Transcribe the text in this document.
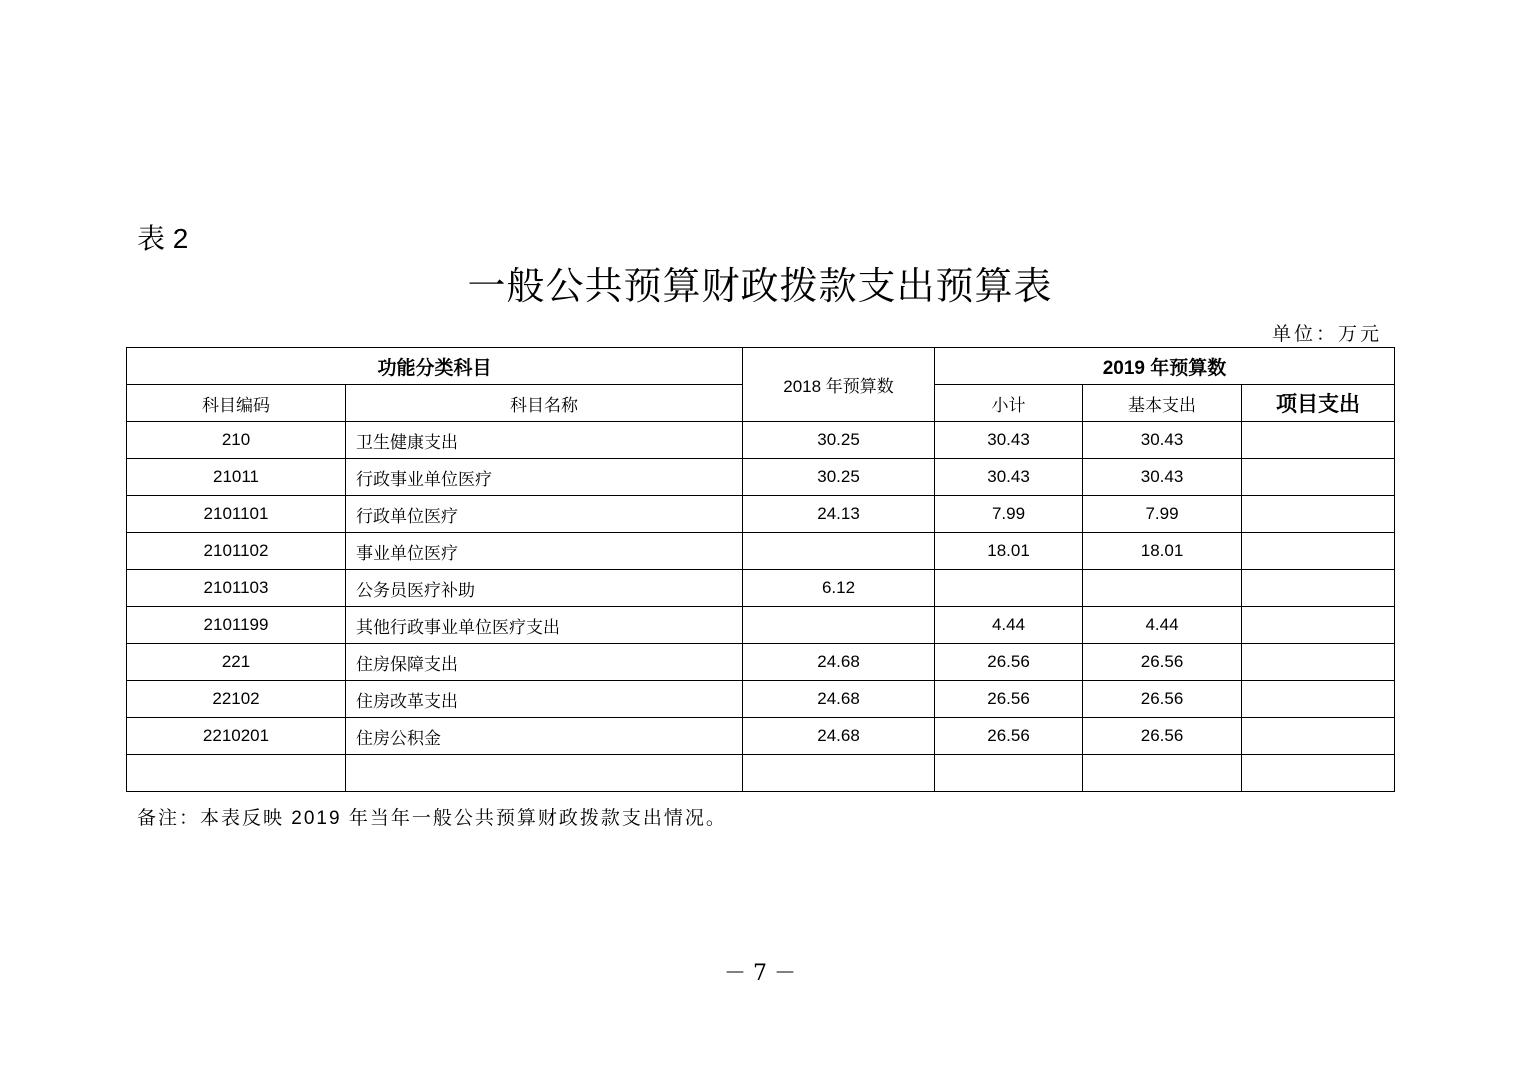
表 2
一般公共预算财政拨款支出预算表
单位：万元
功能分类科目		2018 年预算数	2019 年预算数		
科目编码	科目名称		小计	基本支出	项目支出
210	卫生健康支出	30.25	30.43	30.43	
21011	行政事业单位医疗	30.25	30.43	30.43	
2101101	行政单位医疗	24.13	7.99	7.99	
2101102	事业单位医疗		18.01	18.01	
2101103	公务员医疗补助	6.12			
2101199	其他行政事业单位医疗支出		4.44	4.44	
221	住房保障支出	24.68	26.56	26.56	
22102	住房改革支出	24.68	26.56	26.56	
2210201	住房公积金	24.68	26.56	26.56	

备注：本表反映 2019 年当年一般公共预算财政拨款支出情况。
－ 7 －
